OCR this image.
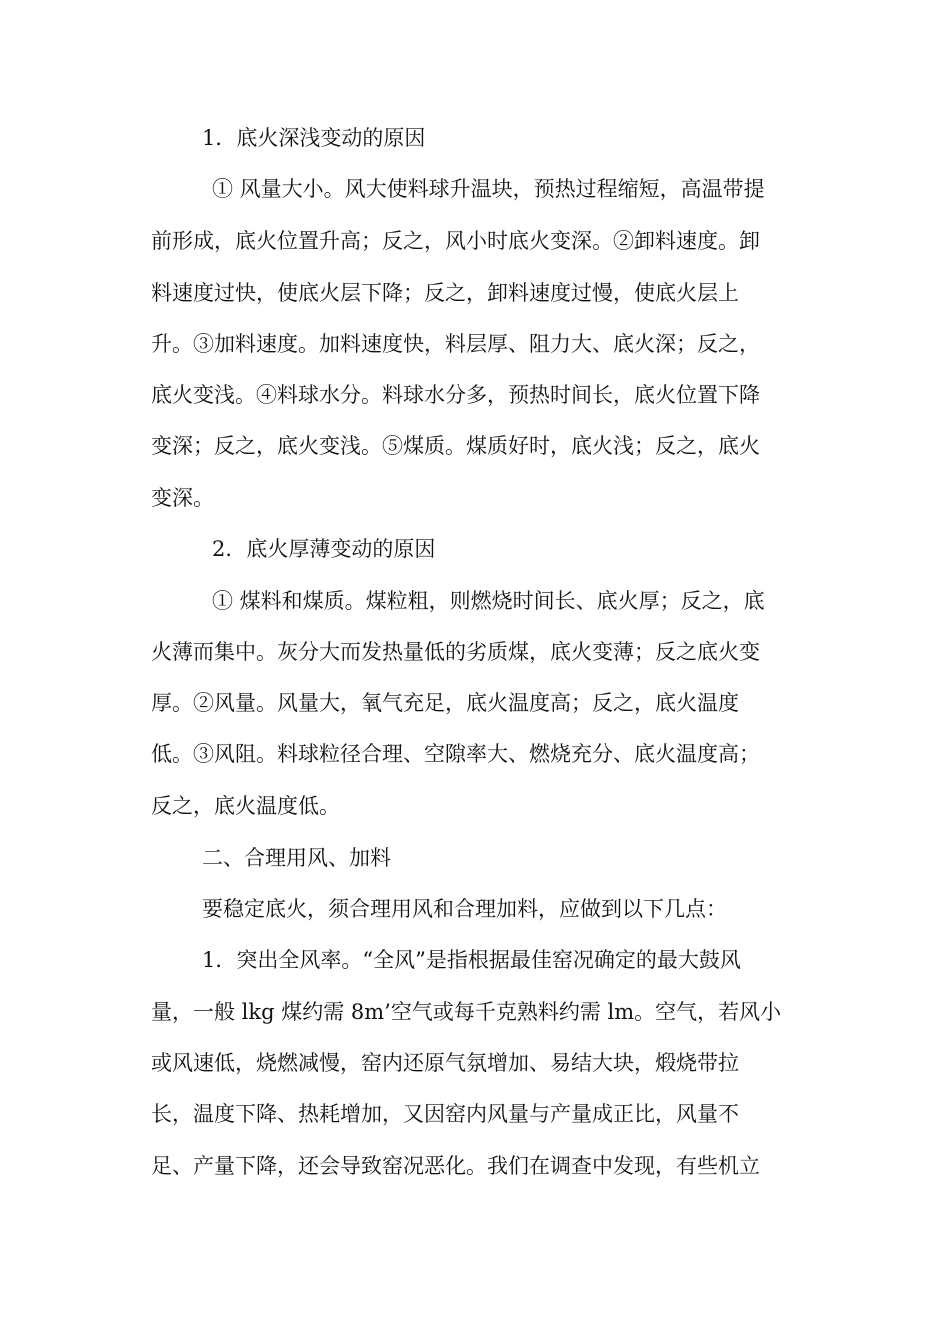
1．底火深浅变动的原因
① 风量大小。风大使料球升温块，预热过程缩短，高温带提
前形成，底火位置升高；反之，风小时底火变深。②卸料速度。卸
料速度过快，使底火层下降；反之，卸料速度过慢，使底火层上
升。③加料速度。加料速度快，料层厚、阻力大、底火深；反之，
底火变浅。④料球水分。料球水分多，预热时间长，底火位置下降
变深；反之，底火变浅。⑤煤质。煤质好时，底火浅；反之，底火
变深。
2．底火厚薄变动的原因
① 煤料和煤质。煤粒粗，则燃烧时间长、底火厚；反之，底
火薄而集中。灰分大而发热量低的劣质煤，底火变薄；反之底火变
厚。②风量。风量大，氧气充足，底火温度高；反之，底火温度
低。③风阻。料球粒径合理、空隙率大、燃烧充分、底火温度高；
反之，底火温度低。
二、合理用风、加料
要稳定底火，须合理用风和合理加料，应做到以下几点：
1．突出全风率。“全风”是指根据最佳窑况确定的最大鼓风
量，一般 lkg 煤约需 8m’空气或每千克熟料约需 lm。空气，若风小
或风速低，烧燃减慢，窑内还原气氛增加、易结大块，煅烧带拉
长，温度下降、热耗增加，又因窑内风量与产量成正比，风量不
足、产量下降，还会导致窑况恶化。我们在调查中发现，有些机立
